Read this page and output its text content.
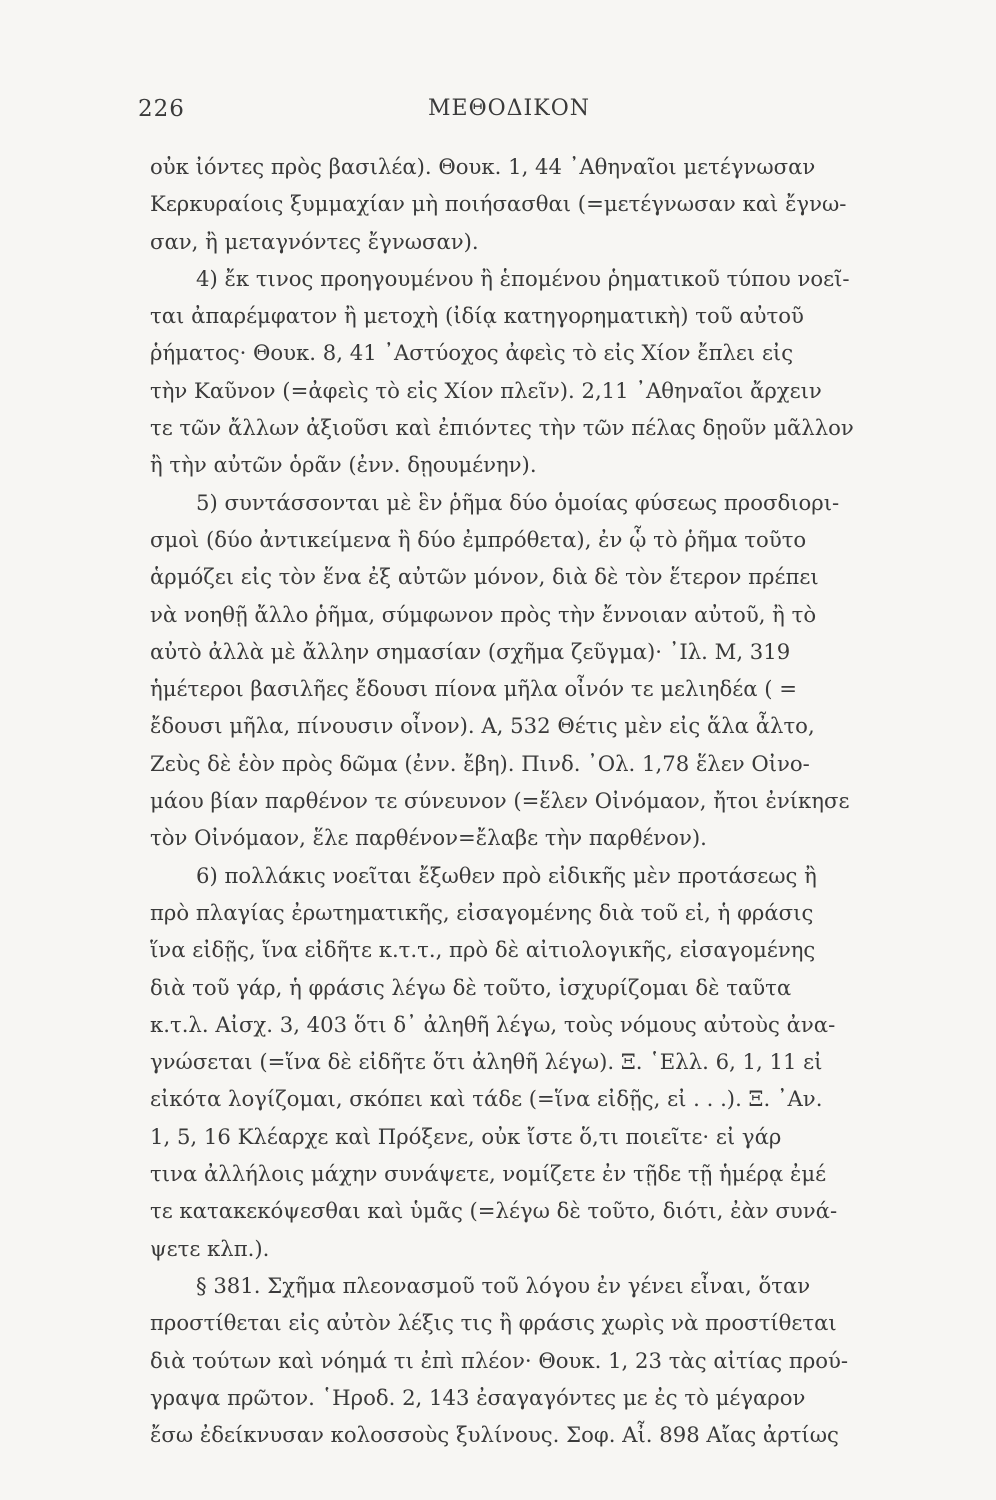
226	ΜΕΘΟΔΙΚΟΝ
οὐκ ἰόντες πρὸς βασιλέα). Θουκ. 1, 44 ᾿Αθηναῖοι μετέγνωσαν
Κερκυραίοις ξυμμαχίαν μὴ ποιήσασθαι (=μετέγνωσαν καὶ ἔγνω-
σαν, ἢ μεταγνόντες ἔγνωσαν).
4) ἔκ τινος προηγουμένου ἢ ἑπομένου ῥηματικοῦ τύπου νοεῖ-
ται ἀπαρέμφατον ἢ μετοχὴ (ἰδίᾳ κατηγορηματικὴ) τοῦ αὐτοῦ
ῥήματος· Θουκ. 8, 41 ᾿Αστύοχος ἀφεὶς τὸ εἰς Χίον ἔπλει εἰς
τὴν Καῦνον (=ἀφεὶς τὸ εἰς Χίον πλεῖν). 2,11 ᾿Αθηναῖοι ἄρχειν
τε τῶν ἄλλων ἀξιοῦσι καὶ ἐπιόντες τὴν τῶν πέλας δῃοῦν μᾶλλον
ἢ τὴν αὐτῶν ὁρᾶν (ἐνν. δῃουμένην).
5) συντάσσονται μὲ ἓν ῥῆμα δύο ὁμοίας φύσεως προσδιορι-
σμοὶ (δύο ἀντικείμενα ἢ δύο ἐμπρόθετα), ἐν ᾧ τὸ ῥῆμα τοῦτο
ἁρμόζει εἰς τὸν ἕνα ἐξ αὐτῶν μόνον, διὰ δὲ τὸν ἕτερον πρέπει
νὰ νοηθῇ ἄλλο ῥῆμα, σύμφωνον πρὸς τὴν ἔννοιαν αὐτοῦ, ἢ τὸ
αὐτὸ ἀλλὰ μὲ ἄλλην σημασίαν (σχῆμα ζεῦγμα)· ᾿Ιλ. Μ, 319
ἡμέτεροι βασιλῆες ἔδουσι πίονα μῆλα οἶνόν τε μελιηδέα ( =
ἔδουσι μῆλα, πίνουσιν οἶνον). Α, 532 Θέτις μὲν εἰς ἅλα ἆλτο,
Ζεὺς δὲ ἑὸν πρὸς δῶμα (ἐνν. ἔβη). Πινδ. ᾿Ολ. 1,78 ἕλεν Οἰνο-
μάου βίαν παρθένον τε σύνευνον (=ἕλεν Οἰνόμαον, ἤτοι ἐνίκησε
τὸν Οἰνόμαον, ἕλε παρθένον=ἔλαβε τὴν παρθένον).
6) πολλάκις νοεῖται ἔξωθεν πρὸ εἰδικῆς μὲν προτάσεως ἢ
πρὸ πλαγίας ἐρωτηματικῆς, εἰσαγομένης διὰ τοῦ εἰ, ἡ φράσις
ἵνα εἰδῇς, ἵνα εἰδῆτε κ.τ.τ., πρὸ δὲ αἰτιολογικῆς, εἰσαγομένης
διὰ τοῦ γάρ, ἡ φράσις λέγω δὲ τοῦτο, ἰσχυρίζομαι δὲ ταῦτα
κ.τ.λ. Αἰσχ. 3, 403 ὅτι δ᾿ ἀληθῆ λέγω, τοὺς νόμους αὐτοὺς ἀνα-
γνώσεται (=ἵνα δὲ εἰδῆτε ὅτι ἀληθῆ λέγω). Ξ. ῾Ελλ. 6, 1, 11 εἰ
εἰκότα λογίζομαι, σκόπει καὶ τάδε (=ἵνα εἰδῇς, εἰ . . .). Ξ. ᾿Αν.
1, 5, 16 Κλέαρχε καὶ Πρόξενε, οὐκ ἴστε ὅ,τι ποιεῖτε· εἰ γάρ
τινα ἀλλήλοις μάχην συνάψετε, νομίζετε ἐν τῇδε τῇ ἡμέρᾳ ἐμέ
τε κατακεκόψεσθαι καὶ ὑμᾶς (=λέγω δὲ τοῦτο, διότι, ἐὰν συνά-
ψετε κλπ.).
§ 381. Σχῆμα πλεονασμοῦ τοῦ λόγου ἐν γένει εἶναι, ὅταν
προστίθεται εἰς αὐτὸν λέξις τις ἢ φράσις χωρὶς νὰ προστίθεται
διὰ τούτων καὶ νόημά τι ἐπὶ πλέον· Θουκ. 1, 23 τὰς αἰτίας πρού-
γραψα πρῶτον. ῾Ηροδ. 2, 143 ἐσαγαγόντες με ἐς τὸ μέγαρον
ἔσω ἐδείκνυσαν κολοσσοὺς ξυλίνους. Σοφ. Αἶ. 898 Αἴας ἀρτίως
